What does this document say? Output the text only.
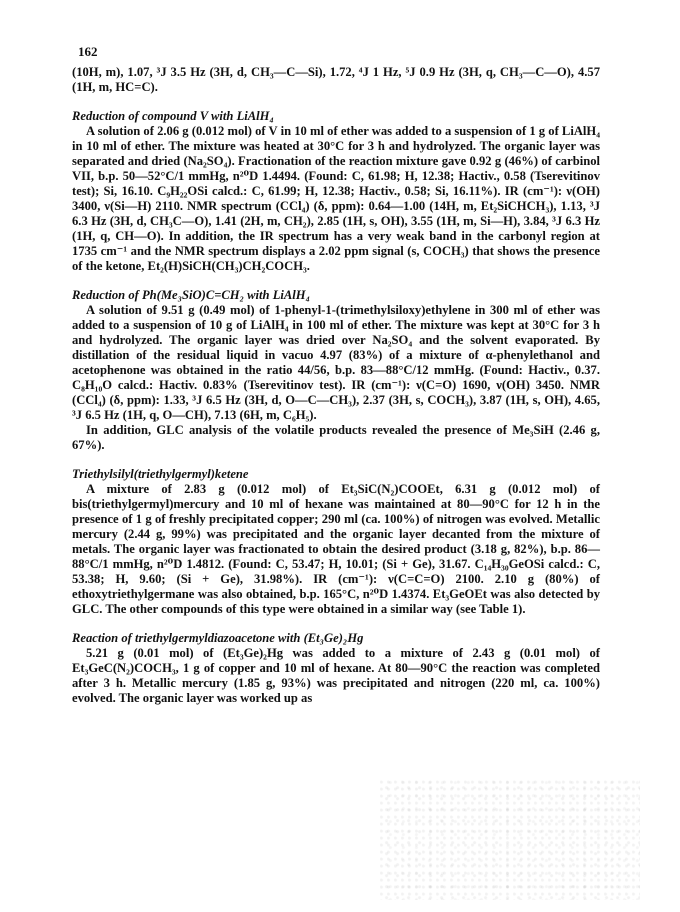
162

(10H, m), 1.07, ³J 3.5 Hz (3H, d, CH₃—C—Si), 1.72, ⁴J 1 Hz, ⁵J 0.9 Hz (3H, q, CH₃—C—O), 4.57 (1H, m, HC=C).

Reduction of compound V with LiAlH₄

A solution of 2.06 g (0.012 mol) of V in 10 ml of ether was added to a suspension of 1 g of LiAlH₄ in 10 ml of ether. The mixture was heated at 30°C for 3 h and hydrolyzed. The organic layer was separated and dried (Na₂SO₄). Fractionation of the reaction mixture gave 0.92 g (46%) of carbinol VII, b.p. 50—52°C/1 mmHg, n²⁰D 1.4494. (Found: C, 61.98; H, 12.38; Hactiv., 0.58 (Tserevitinov test); Si, 16.10. C₉H₂₂OSi calcd.: C, 61.99; H, 12.38; Hactiv., 0.58; Si, 16.11%). IR (cm⁻¹): ν(OH) 3400, ν(Si—H) 2110. NMR spectrum (CCl₄) (δ, ppm): 0.64—1.00 (14H, m, Et₂SiCHCH₃), 1.13, ³J 6.3 Hz (3H, d, CH₃C—O), 1.41 (2H, m, CH₂), 2.85 (1H, s, OH), 3.55 (1H, m, Si—H), 3.84, ³J 6.3 Hz (1H, q, CH—O). In addition, the IR spectrum has a very weak band in the carbonyl region at 1735 cm⁻¹ and the NMR spectrum displays a 2.02 ppm signal (s, COCH₃) that shows the presence of the ketone, Et₂(H)SiCH(CH₃)CH₂COCH₃.

Reduction of Ph(Me₃SiO)C=CH₂ with LiAlH₄

A solution of 9.51 g (0.49 mol) of 1-phenyl-1-(trimethylsiloxy)ethylene in 300 ml of ether was added to a suspension of 10 g of LiAlH₄ in 100 ml of ether. The mixture was kept at 30°C for 3 h and hydrolyzed. The organic layer was dried over Na₂SO₄ and the solvent evaporated. By distillation of the residual liquid in vacuo 4.97 (83%) of a mixture of α-phenylethanol and acetophenone was obtained in the ratio 44/56, b.p. 83—88°C/12 mmHg. (Found: Hactiv., 0.37. C₈H₁₀O calcd.: Hactiv. 0.83% (Tserevitinov test). IR (cm⁻¹): ν(C=O) 1690, ν(OH) 3450. NMR (CCl₄) (δ, ppm): 1.33, ³J 6.5 Hz (3H, d, O—C—CH₃), 2.37 (3H, s, COCH₃), 3.87 (1H, s, OH), 4.65, ³J 6.5 Hz (1H, q, O—CH), 7.13 (6H, m, C₆H₅).

In addition, GLC analysis of the volatile products revealed the presence of Me₃SiH (2.46 g, 67%).

Triethylsilyl(triethylgermyl)ketene

A mixture of 2.83 g (0.012 mol) of Et₃SiC(N₂)COOEt, 6.31 g (0.012 mol) of bis(triethylgermyl)mercury and 10 ml of hexane was maintained at 80—90°C for 12 h in the presence of 1 g of freshly precipitated copper; 290 ml (ca. 100%) of nitrogen was evolved. Metallic mercury (2.44 g, 99%) was precipitated and the organic layer decanted from the mixture of metals. The organic layer was fractionated to obtain the desired product (3.18 g, 82%), b.p. 86—88°C/1 mmHg, n²⁰D 1.4812. (Found: C, 53.47; H, 10.01; (Si + Ge), 31.67. C₁₄H₃₀GeOSi calcd.: C, 53.38; H, 9.60; (Si + Ge), 31.98%). IR (cm⁻¹): ν(C=C=O) 2100. 2.10 g (80%) of ethoxytriethylgermane was also obtained, b.p. 165°C, n²⁰D 1.4374. Et₃GeOEt was also detected by GLC. The other compounds of this type were obtained in a similar way (see Table 1).

Reaction of triethylgermyldiazoacetone with (Et₃Ge)₂Hg

5.21 g (0.01 mol) of (Et₃Ge)₂Hg was added to a mixture of 2.43 g (0.01 mol) of Et₃GeC(N₂)COCH₃, 1 g of copper and 10 ml of hexane. At 80—90°C the reaction was completed after 3 h. Metallic mercury (1.85 g, 93%) was precipitated and nitrogen (220 ml, ca. 100%) evolved. The organic layer was worked up as
